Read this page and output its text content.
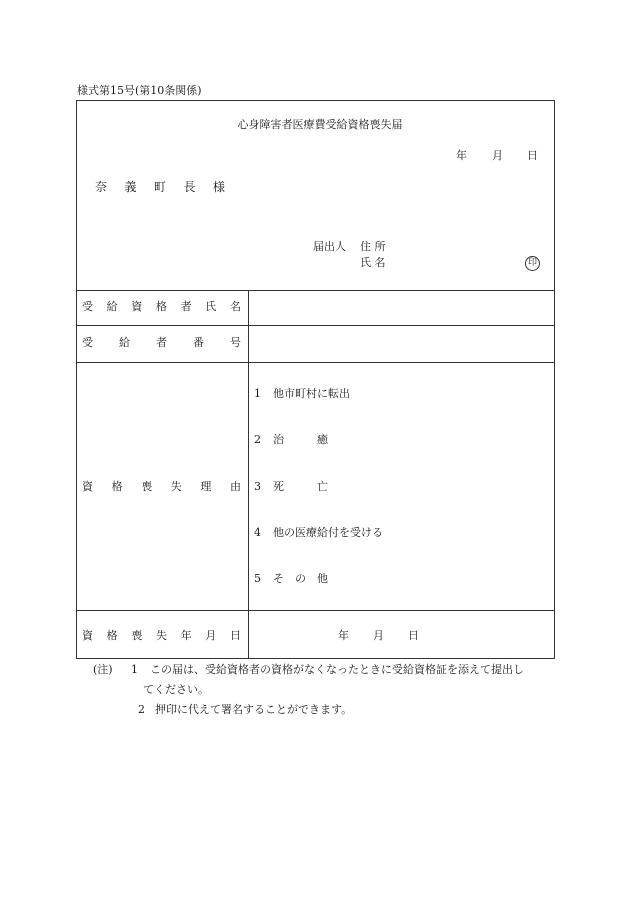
様式第15号(第10条関係)
心身障害者医療費受給資格喪失届
年 月 日
奈 義 町 長 様
届出人 住 所
氏 名	印
受 給 資 格 者 氏 名
受 給 者 番 号
資 格 喪 失 理 由
1 他市町村に転出
2 治　　　癒
3 死　　　亡
4 他の医療給付を受ける
5 そ　の　他
資 格 喪 失 年 月 日	年 月 日
(注) 1 この届は、受給資格者の資格がなくなったときに受給資格証を添えて提出し
てください。
2 押印に代えて署名することができます。
